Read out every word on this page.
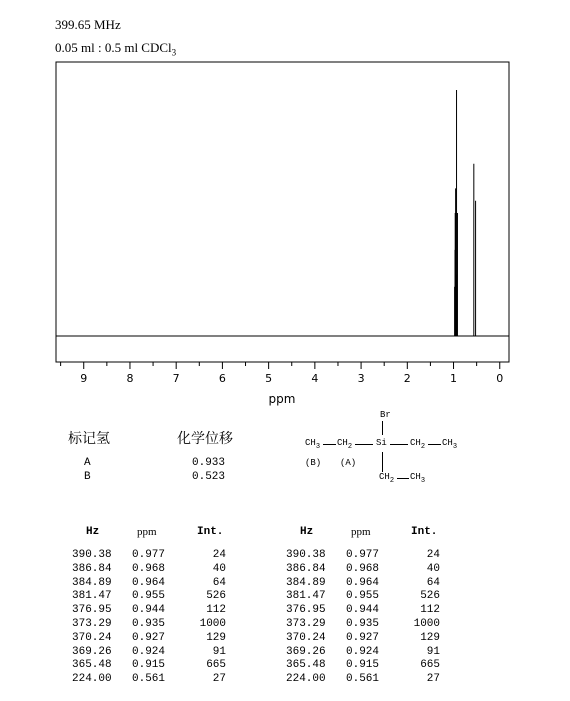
399.65 MHz
0.05 ml : 0.5 ml CDCl$_3$
9	8	7	6	5	4	3	2	1	0
ppm
标记氢	化学位移
A	0.933
B	0.523
Br
$CH_3$ $CH_2$	Si	$CH_2$ $CH_3$
(B) (A)
$CH_2$ $CH_3$
Hz	ppm	Int.
390.38 0.977	24
386.84 0.968	40
384.89 0.964	64
381.47 0.955	526
376.95 0.944	112
373.29 0.935	1000
370.24 0.927	129
369.26 0.924	91
365.48 0.915	665
224.00 0.561	27
Hz	ppm	Int.
390.38 0.977	24
386.84 0.968	40
384.89 0.964	64
381.47 0.955	526
376.95 0.944	112
373.29 0.935	1000
370.24 0.927	129
369.26 0.924	91
365.48 0.915	665
224.00 0.561	27
